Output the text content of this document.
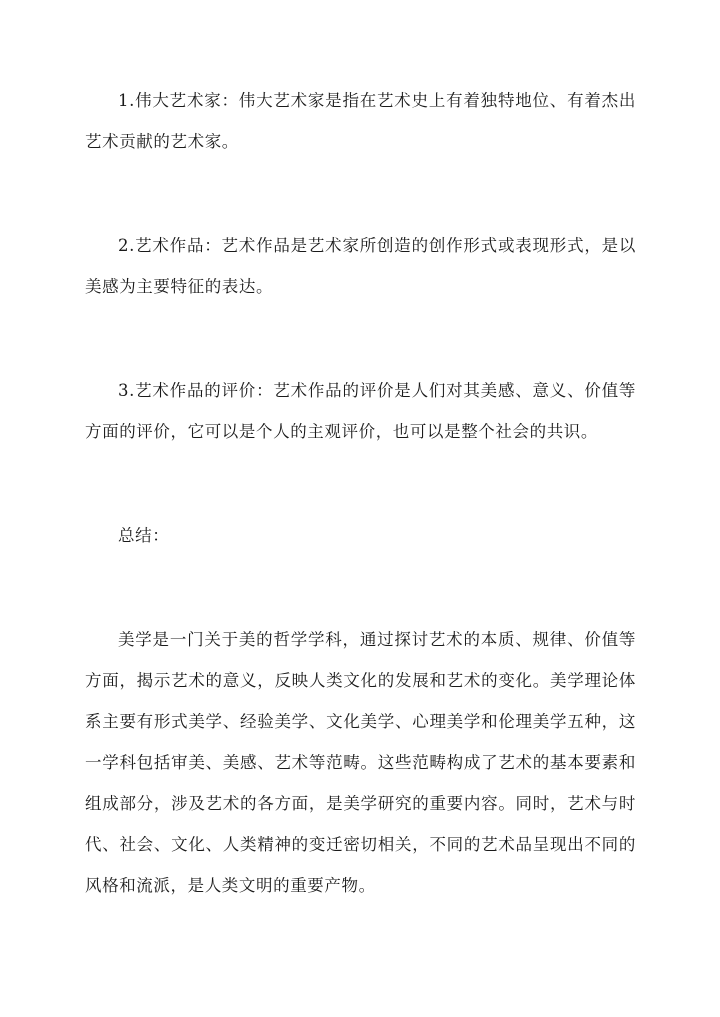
1.伟大艺术家：伟大艺术家是指在艺术史上有着独特地位、有着杰出艺术贡献的艺术家。

2.艺术作品：艺术作品是艺术家所创造的创作形式或表现形式，是以美感为主要特征的表达。

3.艺术作品的评价：艺术作品的评价是人们对其美感、意义、价值等方面的评价，它可以是个人的主观评价，也可以是整个社会的共识。

总结：

美学是一门关于美的哲学学科，通过探讨艺术的本质、规律、价值等方面，揭示艺术的意义，反映人类文化的发展和艺术的变化。美学理论体系主要有形式美学、经验美学、文化美学、心理美学和伦理美学五种，这一学科包括审美、美感、艺术等范畴。这些范畴构成了艺术的基本要素和组成部分，涉及艺术的各方面，是美学研究的重要内容。同时，艺术与时代、社会、文化、人类精神的变迁密切相关，不同的艺术品呈现出不同的风格和流派，是人类文明的重要产物。
